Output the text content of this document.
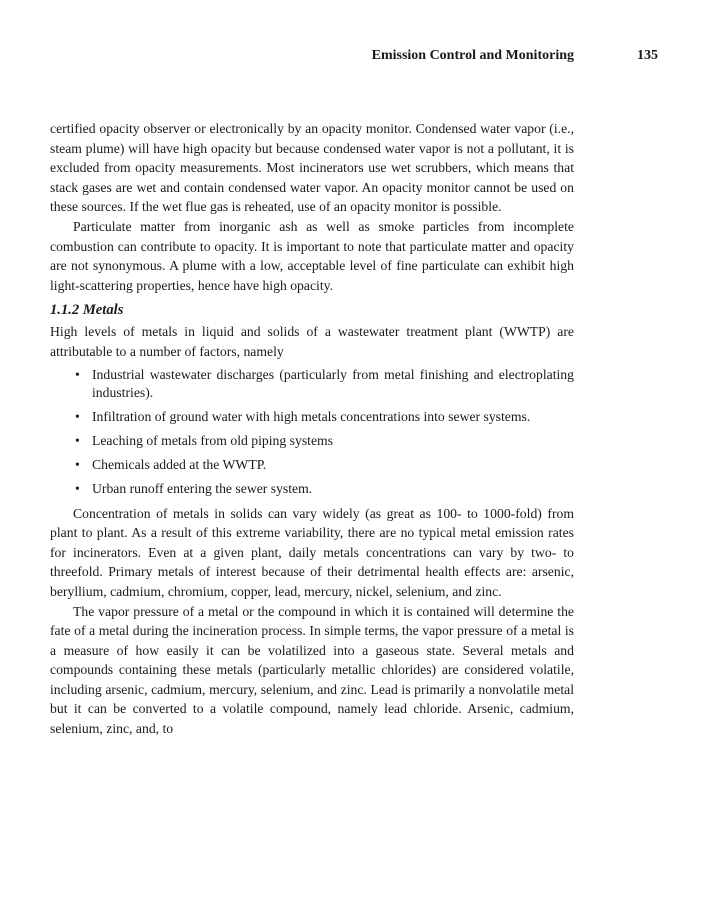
Emission Control and Monitoring	135

certified opacity observer or electronically by an opacity monitor. Condensed water vapor (i.e., steam plume) will have high opacity but because condensed water vapor is not a pollutant, it is excluded from opacity measurements. Most incinerators use wet scrubbers, which means that stack gases are wet and contain condensed water vapor. An opacity monitor cannot be used on these sources. If the wet flue gas is reheated, use of an opacity monitor is possible.

Particulate matter from inorganic ash as well as smoke particles from incomplete combustion can contribute to opacity. It is important to note that particulate matter and opacity are not synonymous. A plume with a low, acceptable level of fine particulate can exhibit high light-scattering properties, hence have high opacity.

1.1.2 Metals

High levels of metals in liquid and solids of a wastewater treatment plant (WWTP) are attributable to a number of factors, namely

• Industrial wastewater discharges (particularly from metal finishing and electroplating industries).
• Infiltration of ground water with high metals concentrations into sewer systems.
• Leaching of metals from old piping systems
• Chemicals added at the WWTP.
• Urban runoff entering the sewer system.

Concentration of metals in solids can vary widely (as great as 100- to 1000-fold) from plant to plant. As a result of this extreme variability, there are no typical metal emission rates for incinerators. Even at a given plant, daily metals concentrations can vary by two- to threefold. Primary metals of interest because of their detrimental health effects are: arsenic, beryllium, cadmium, chromium, copper, lead, mercury, nickel, selenium, and zinc.

The vapor pressure of a metal or the compound in which it is contained will determine the fate of a metal during the incineration process. In simple terms, the vapor pressure of a metal is a measure of how easily it can be volatilized into a gaseous state. Several metals and compounds containing these metals (particularly metallic chlorides) are considered volatile, including arsenic, cadmium, mercury, selenium, and zinc. Lead is primarily a nonvolatile metal but it can be converted to a volatile compound, namely lead chloride. Arsenic, cadmium, selenium, zinc, and, to
